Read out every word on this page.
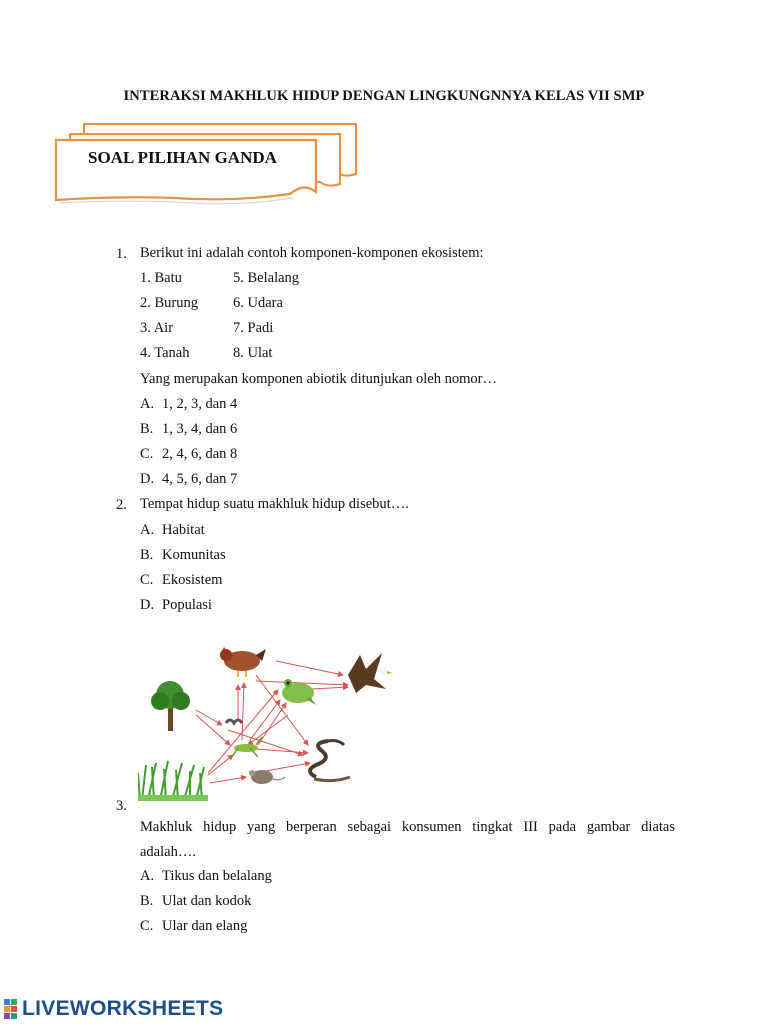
INTERAKSI MAKHLUK HIDUP DENGAN LINGKUNGNNYA KELAS VII SMP
SOAL PILIHAN GANDA
1. Berikut ini adalah contoh komponen-komponen ekosistem:
1. Batu	5. Belalang
2. Burung 6. Udara
3. Air	7. Padi
4. Tanah	8. Ulat
Yang merupakan komponen abiotik ditunjukan oleh nomor…
A. 1, 2, 3, dan 4
B. 1, 3, 4, dan 6
C. 2, 4, 6, dan 8
D. 4, 5, 6, dan 7
2. Tempat hidup suatu makhluk hidup disebut….
A. Habitat
B. Komunitas
C. Ekosistem
D. Populasi
3.
Makhluk hidup yang berperan sebagai konsumen tingkat III pada gambar diatas
adalah….
A. Tikus dan belalang
B. Ulat dan kodok
C. Ular dan elang
LIVEWORKSHEETS
